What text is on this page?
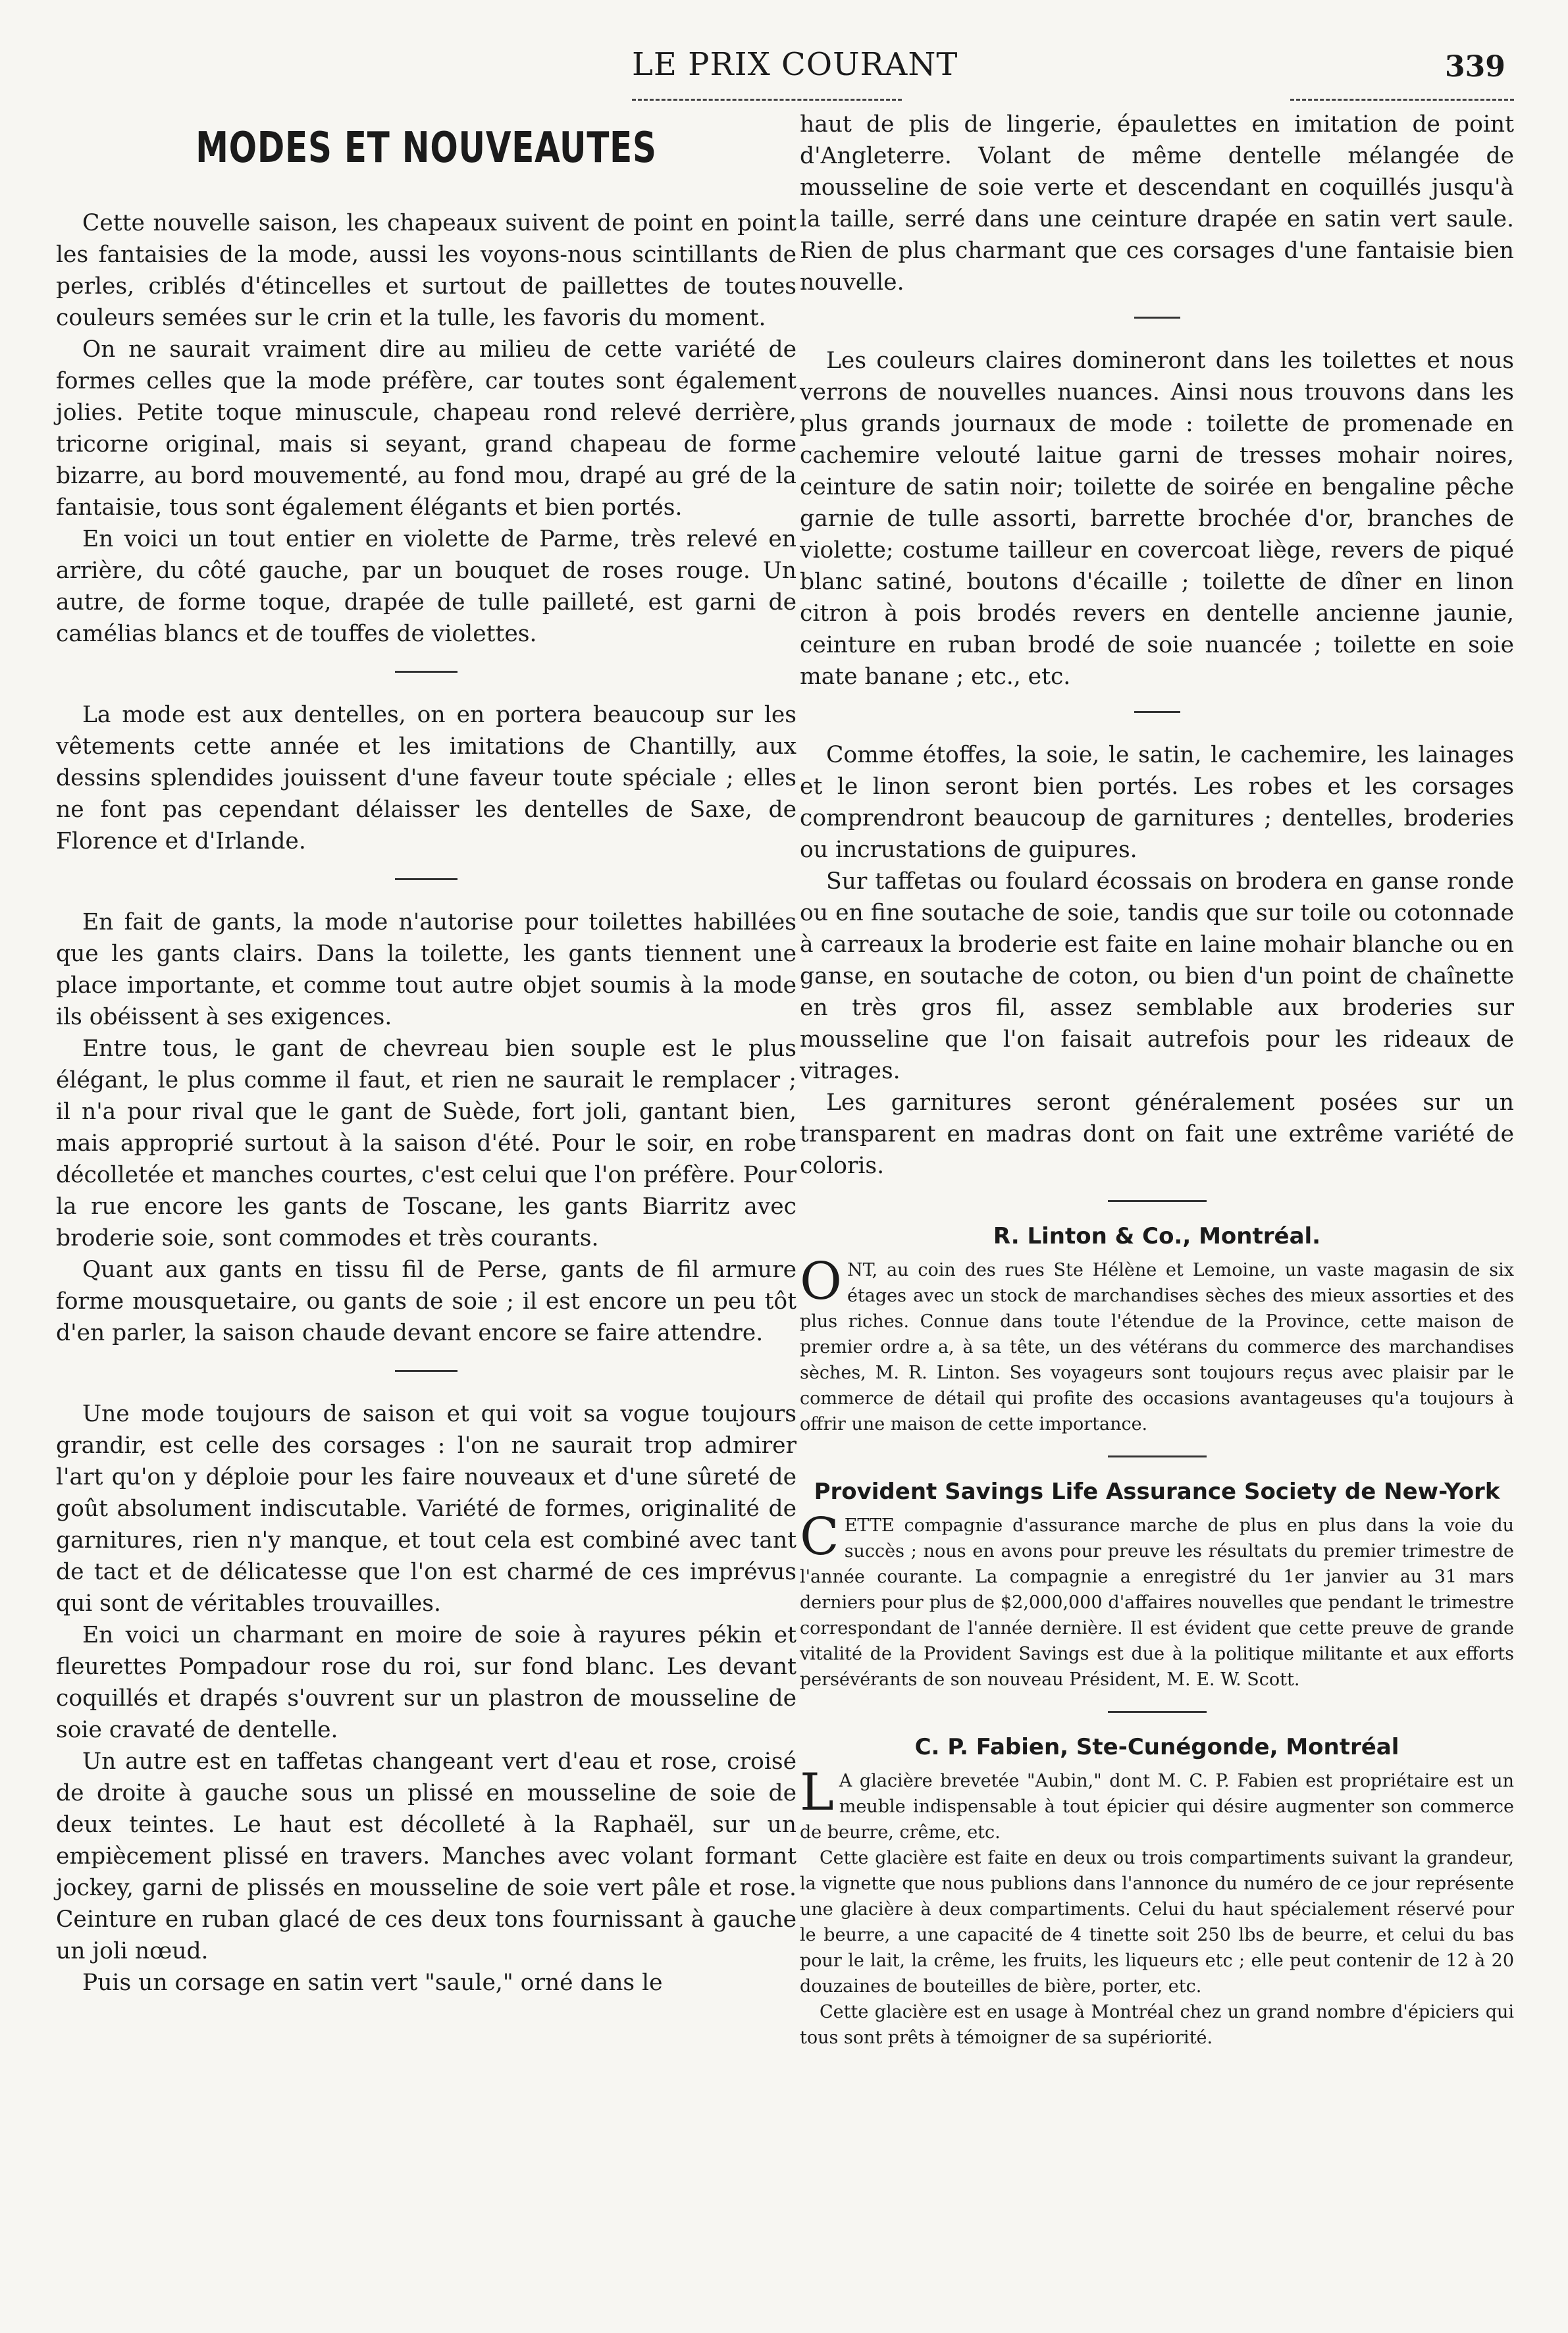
LE PRIX COURANT	339
MODES ET NOUVEAUTES

Cette nouvelle saison, les chapeaux suivent de point en point les fantaisies de la mode, aussi les voyons-nous scintillants de perles, criblés d'étincelles et surtout de paillettes de toutes couleurs semées sur le crin et la tulle, les favoris du moment.

On ne saurait vraiment dire au milieu de cette variété de formes celles que la mode préfère, car toutes sont également jolies. Petite toque minuscule, chapeau rond relevé derrière, tricorne original, mais si seyant, grand chapeau de forme bizarre, au bord mouvementé, au fond mou, drapé au gré de la fantaisie, tous sont également élégants et bien portés.

En voici un tout entier en violette de Parme, très relevé en arrière, du côté gauche, par un bouquet de roses rouge. Un autre, de forme toque, drapée de tulle pailleté, est garni de camélias blancs et de touffes de violettes.

La mode est aux dentelles, on en portera beaucoup sur les vêtements cette année et les imitations de Chantilly, aux dessins splendides jouissent d'une faveur toute spéciale ; elles ne font pas cependant délaisser les dentelles de Saxe, de Florence et d'Irlande.

En fait de gants, la mode n'autorise pour toilettes habillées que les gants clairs. Dans la toilette, les gants tiennent une place importante, et comme tout autre objet soumis à la mode ils obéissent à ses exigences.

Entre tous, le gant de chevreau bien souple est le plus élégant, le plus comme il faut, et rien ne saurait le remplacer ; il n'a pour rival que le gant de Suède, fort joli, gantant bien, mais approprié surtout à la saison d'été. Pour le soir, en robe décolletée et manches courtes, c'est celui que l'on préfère. Pour la rue encore les gants de Toscane, les gants Biarritz avec broderie soie, sont commodes et très courants.

Quant aux gants en tissu fil de Perse, gants de fil armure forme mousquetaire, ou gants de soie ; il est encore un peu tôt d'en parler, la saison chaude devant encore se faire attendre.

Une mode toujours de saison et qui voit sa vogue toujours grandir, est celle des corsages : l'on ne saurait trop admirer l'art qu'on y déploie pour les faire nouveaux et d'une sûreté de goût absolument indiscutable. Variété de formes, originalité de garnitures, rien n'y manque, et tout cela est combiné avec tant de tact et de délicatesse que l'on est charmé de ces imprévus qui sont de véritables trouvailles.

En voici un charmant en moire de soie à rayures pékin et fleurettes Pompadour rose du roi, sur fond blanc. Les devant coquillés et drapés s'ouvrent sur un plastron de mousseline de soie cravaté de dentelle.

Un autre est en taffetas changeant vert d'eau et rose, croisé de droite à gauche sous un plissé en mousseline de soie de deux teintes. Le haut est décolleté à la Raphaël, sur un empiècement plissé en travers. Manches avec volant formant jockey, garni de plissés en mousseline de soie vert pâle et rose. Ceinture en ruban glacé de ces deux tons fournissant à gauche un joli nœud.

Puis un corsage en satin vert "saule," orné dans le

haut de plis de lingerie, épaulettes en imitation de point d'Angleterre. Volant de même dentelle mélangée de mousseline de soie verte et descendant en coquillés jusqu'à la taille, serré dans une ceinture drapée en satin vert saule. Rien de plus charmant que ces corsages d'une fantaisie bien nouvelle.

Les couleurs claires domineront dans les toilettes et nous verrons de nouvelles nuances. Ainsi nous trouvons dans les plus grands journaux de mode : toilette de promenade en cachemire velouté laitue garni de tresses mohair noires, ceinture de satin noir; toilette de soirée en bengaline pêche garnie de tulle assorti, barrette brochée d'or, branches de violette; costume tailleur en covercoat liège, revers de piqué blanc satiné, boutons d'écaille ; toilette de dîner en linon citron à pois brodés revers en dentelle ancienne jaunie, ceinture en ruban brodé de soie nuancée ; toilette en soie mate banane ; etc., etc.

Comme étoffes, la soie, le satin, le cachemire, les lainages et le linon seront bien portés. Les robes et les corsages comprendront beaucoup de garnitures ; dentelles, broderies ou incrustations de guipures.

Sur taffetas ou foulard écossais on brodera en ganse ronde ou en fine soutache de soie, tandis que sur toile ou cotonnade à carreaux la broderie est faite en laine mohair blanche ou en ganse, en soutache de coton, ou bien d'un point de chaînette en très gros fil, assez semblable aux broderies sur mousseline que l'on faisait autrefois pour les rideaux de vitrages.

Les garnitures seront généralement posées sur un transparent en madras dont on fait une extrême variété de coloris.

R. Linton & Co., Montréal.
O NT, au coin des rues Ste Hélène et Lemoine, un vaste magasin de six étages avec un stock de marchandises sèches des mieux assorties et des plus riches. Connue dans toute l'étendue de la Province, cette maison de premier ordre a, à sa tête, un des vétérans du commerce des marchandises sèches, M. R. Linton. Ses voyageurs sont toujours reçus avec plaisir par le commerce de détail qui profite des occasions avantageuses qu'a toujours à offrir une maison de cette importance.
Provident Savings Life Assurance Society de New-York
C ETTE compagnie d'assurance marche de plus en plus dans la voie du succès ; nous en avons pour preuve les résultats du premier trimestre de l'année courante. La compagnie a enregistré du 1er janvier au 31 mars derniers pour plus de $2,000,000 d'affaires nouvelles que pendant le trimestre correspondant de l'année dernière. Il est évident que cette preuve de grande vitalité de la Provident Savings est due à la politique militante et aux efforts persévérants de son nouveau Président, M. E. W. Scott.
C. P. Fabien, Ste-Cunégonde, Montréal
L A glacière brevetée "Aubin," dont M. C. P. Fabien est propriétaire est un meuble indispensable à tout épicier qui désire augmenter son commerce de beurre, crême, etc.
Cette glacière est faite en deux ou trois compartiments suivant la grandeur, la vignette que nous publions dans l'annonce du numéro de ce jour représente une glacière à deux compartiments. Celui du haut spécialement réservé pour le beurre, a une capacité de 4 tinette soit 250 lbs de beurre, et celui du bas pour le lait, la crême, les fruits, les liqueurs etc ; elle peut contenir de 12 à 20 douzaines de bouteilles de bière, porter, etc.
Cette glacière est en usage à Montréal chez un grand nombre d'épiciers qui tous sont prêts à témoigner de sa supériorité.
